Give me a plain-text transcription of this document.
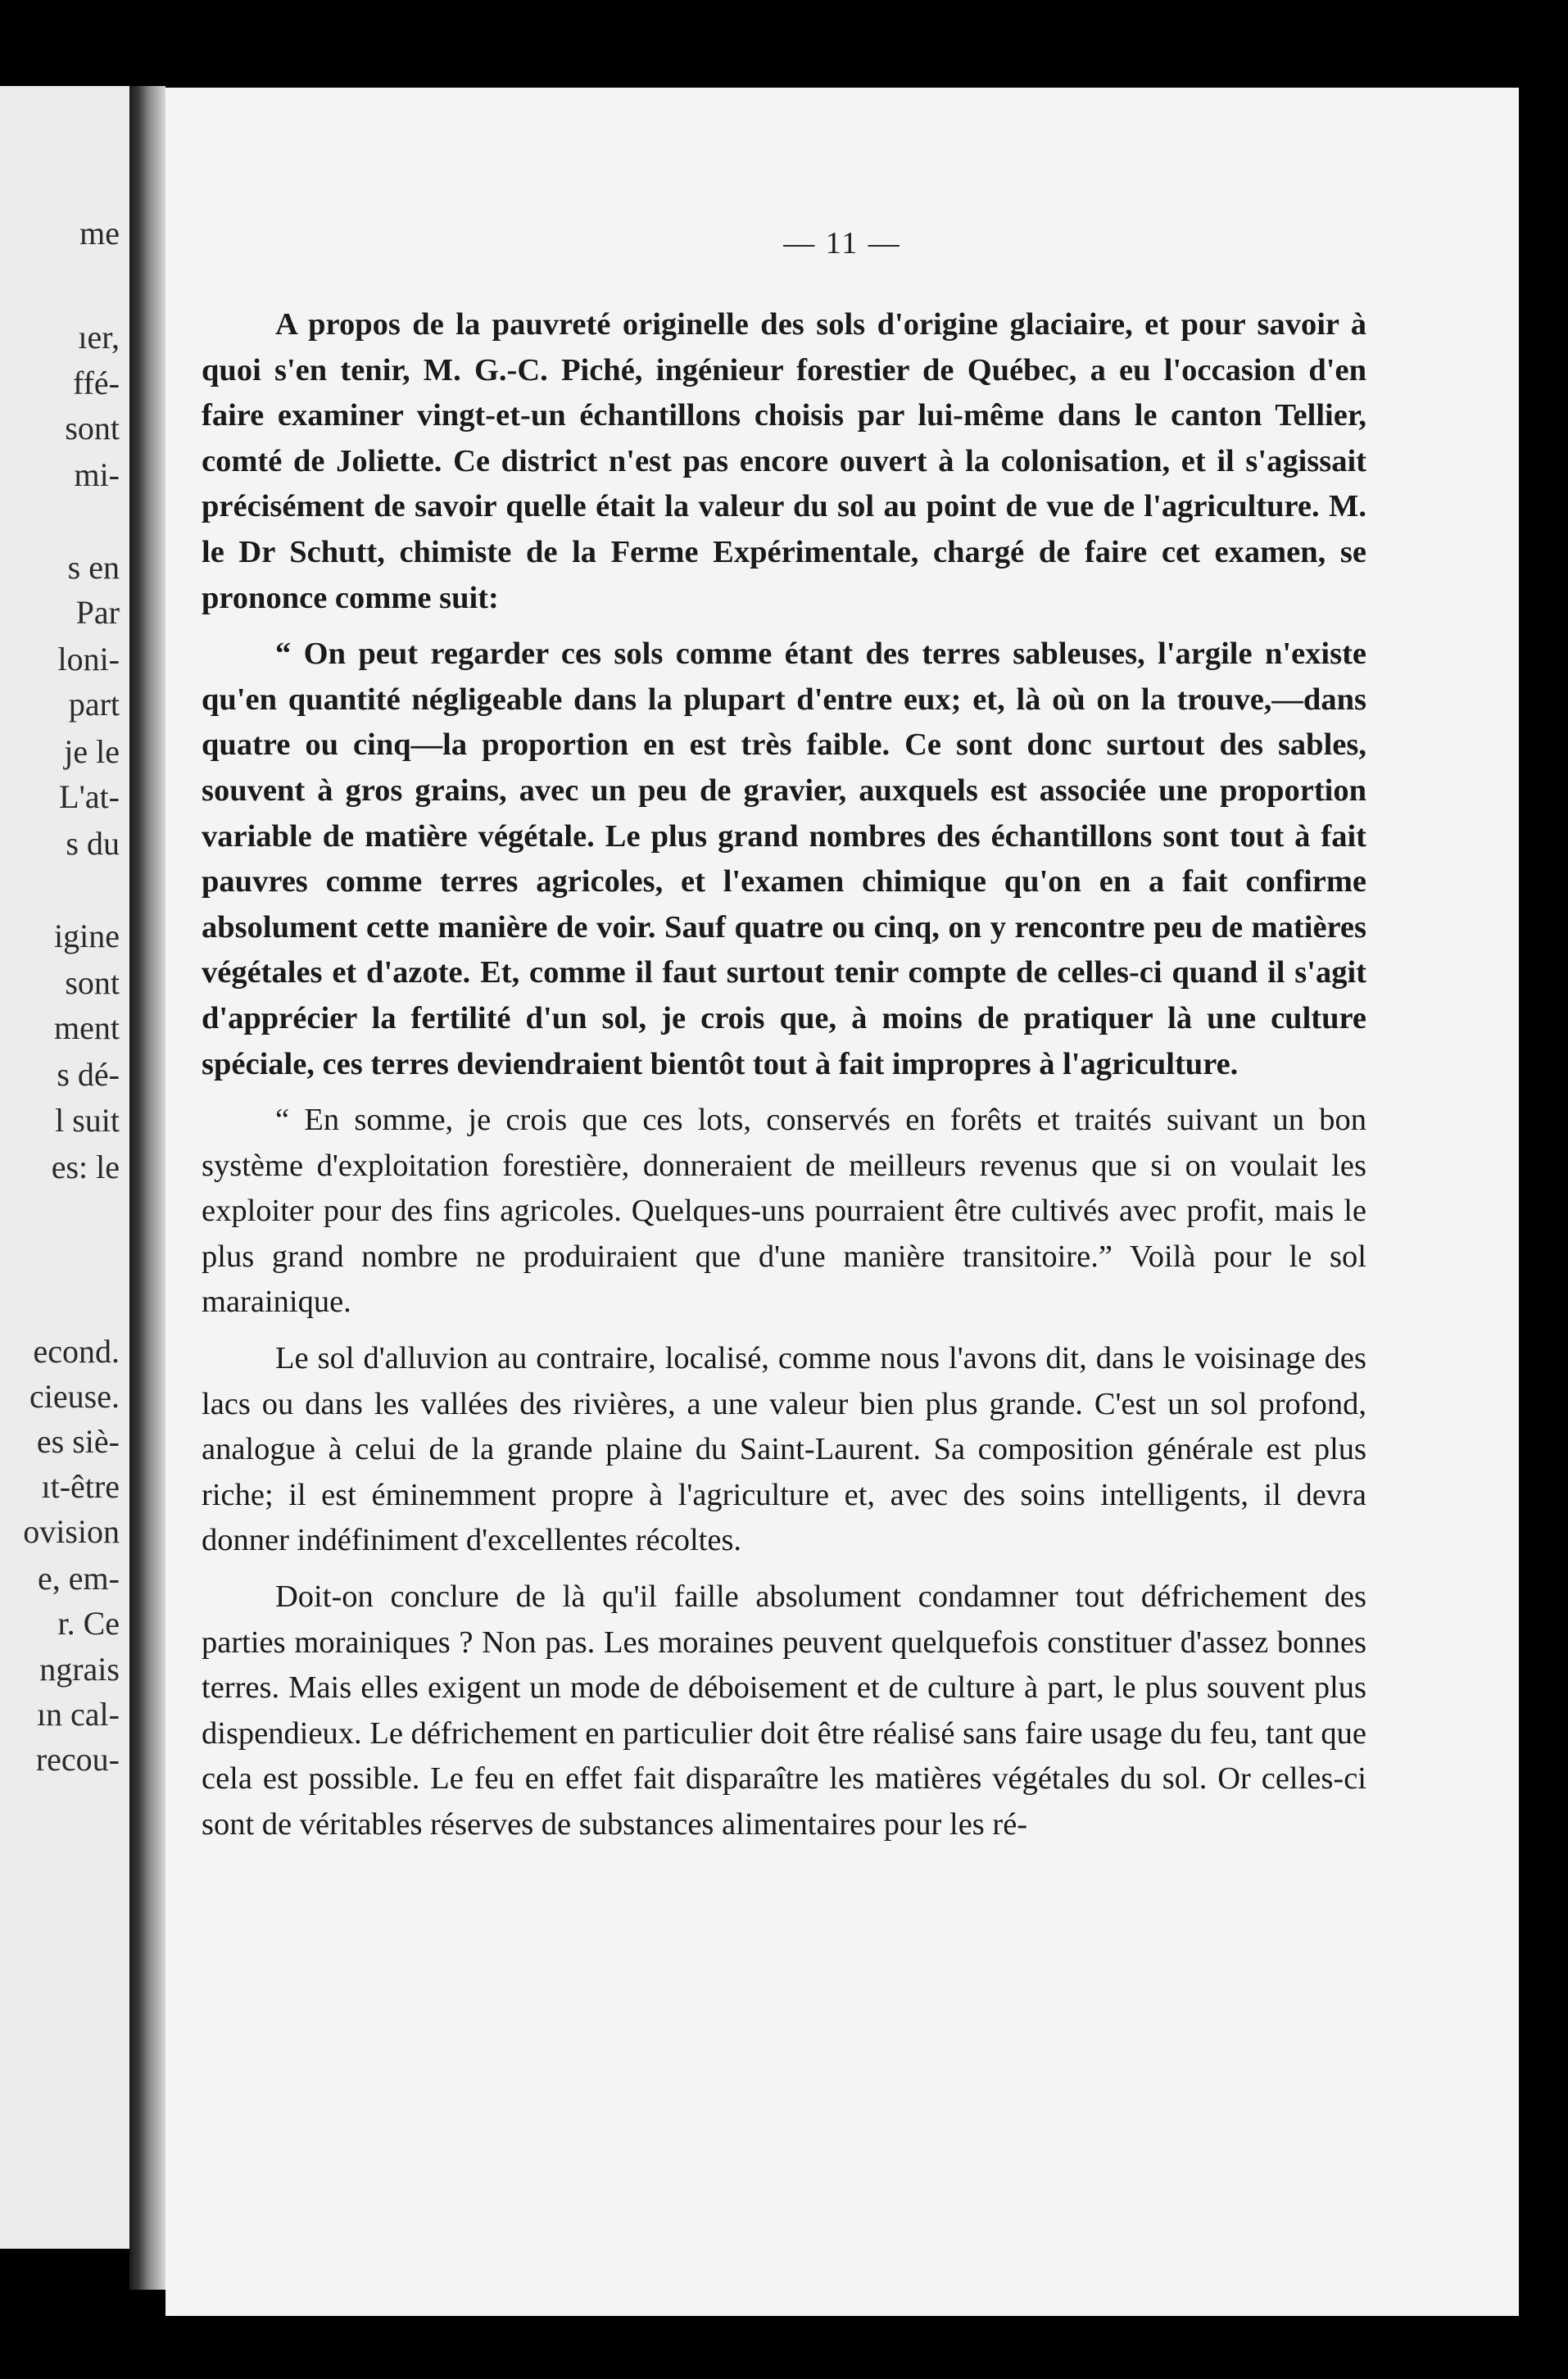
me
ıer,
ffé-
sont
mi-
s en
Par
loni-
part
je le
L'at-
s du
igine
sont
ment
s dé-
l suit
es: le
econd.
cieuse.
es siè-
ıt-être
ovision
e, em-
r. Ce
ngrais
ın cal-
recou-
— 11 —

A propos de la pauvreté originelle des sols d'origine glaciaire, et pour savoir à quoi s'en tenir, M. G.-C. Piché, ingénieur forestier de Québec, a eu l'occasion d'en faire examiner vingt-et-un échantillons choisis par lui-même dans le canton Tellier, comté de Joliette. Ce district n'est pas encore ouvert à la colonisation, et il s'agissait précisément de savoir quelle était la valeur du sol au point de vue de l'agriculture. M. le Dr Schutt, chimiste de la Ferme Expérimentale, chargé de faire cet examen, se prononce comme suit:

“ On peut regarder ces sols comme étant des terres sableuses, l'argile n'existe qu'en quantité négligeable dans la plupart d'entre eux; et, là où on la trouve,—dans quatre ou cinq—la proportion en est très faible. Ce sont donc surtout des sables, souvent à gros grains, avec un peu de gravier, auxquels est associée une proportion variable de matière végétale. Le plus grand nombres des échantillons sont tout à fait pauvres comme terres agricoles, et l'examen chimique qu'on en a fait confirme absolument cette manière de voir. Sauf quatre ou cinq, on y rencontre peu de matières végétales et d'azote. Et, comme il faut surtout tenir compte de celles-ci quand il s'agit d'apprécier la fertilité d'un sol, je crois que, à moins de pratiquer là une culture spéciale, ces terres deviendraient bientôt tout à fait impropres à l'agriculture.

“ En somme, je crois que ces lots, conservés en forêts et traités suivant un bon système d'exploitation forestière, donneraient de meilleurs revenus que si on voulait les exploiter pour des fins agricoles. Quelques-uns pourraient être cultivés avec profit, mais le plus grand nombre ne produiraient que d'une manière transitoire.” Voilà pour le sol marainique.

Le sol d'alluvion au contraire, localisé, comme nous l'avons dit, dans le voisinage des lacs ou dans les vallées des rivières, a une valeur bien plus grande. C'est un sol profond, analogue à celui de la grande plaine du Saint-Laurent. Sa composition générale est plus riche; il est éminemment propre à l'agriculture et, avec des soins intelligents, il devra donner indéfiniment d'excellentes récoltes.

Doit-on conclure de là qu'il faille absolument condamner tout défrichement des parties morainiques ? Non pas. Les moraines peuvent quelquefois constituer d'assez bonnes terres. Mais elles exigent un mode de déboisement et de culture à part, le plus souvent plus dispendieux. Le défrichement en particulier doit être réalisé sans faire usage du feu, tant que cela est possible. Le feu en effet fait disparaître les matières végétales du sol. Or celles-ci sont de véritables réserves de substances alimentaires pour les ré-
